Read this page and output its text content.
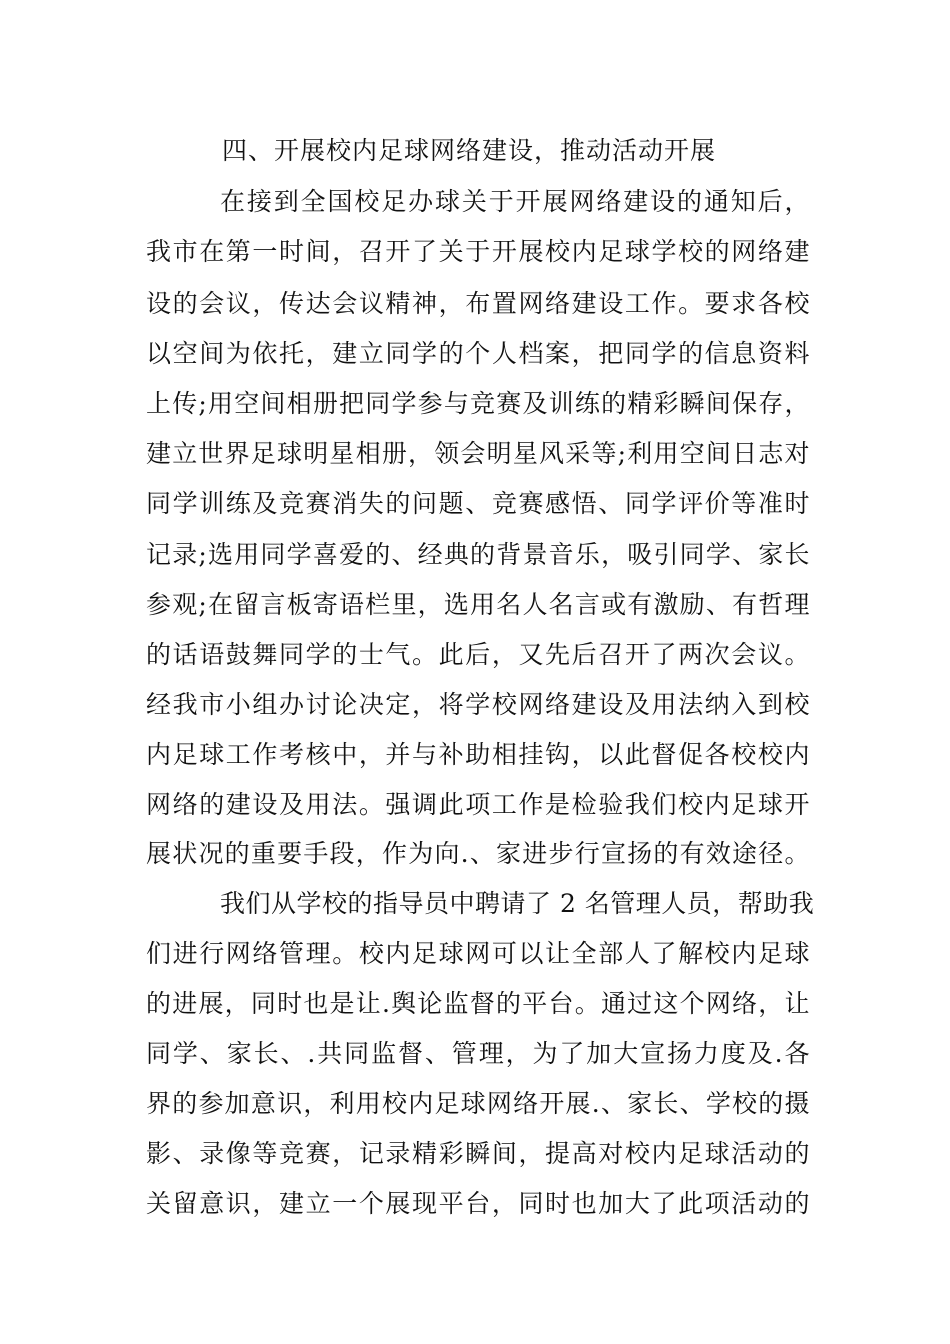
四、开展校内足球网络建设，推动活动开展
在接到全国校足办球关于开展网络建设的通知后，
我市在第一时间，召开了关于开展校内足球学校的网络建
设的会议，传达会议精神，布置网络建设工作。要求各校
以空间为依托，建立同学的个人档案，把同学的信息资料
上传;用空间相册把同学参与竞赛及训练的精彩瞬间保存，
建立世界足球明星相册，领会明星风采等;利用空间日志对
同学训练及竞赛消失的问题、竞赛感悟、同学评价等准时
记录;选用同学喜爱的、经典的背景音乐，吸引同学、家长
参观;在留言板寄语栏里，选用名人名言或有激励、有哲理
的话语鼓舞同学的士气。此后，又先后召开了两次会议。
经我市小组办讨论决定，将学校网络建设及用法纳入到校
内足球工作考核中，并与补助相挂钩，以此督促各校校内
网络的建设及用法。强调此项工作是检验我们校内足球开
展状况的重要手段，作为向.、家进步行宣扬的有效途径。
我们从学校的指导员中聘请了 2 名管理人员，帮助我
们进行网络管理。校内足球网可以让全部人了解校内足球
的进展，同时也是让.舆论监督的平台。通过这个网络，让
同学、家长、.共同监督、管理，为了加大宣扬力度及.各
界的参加意识，利用校内足球网络开展.、家长、学校的摄
影、录像等竞赛，记录精彩瞬间，提高对校内足球活动的
关留意识，建立一个展现平台，同时也加大了此项活动的
